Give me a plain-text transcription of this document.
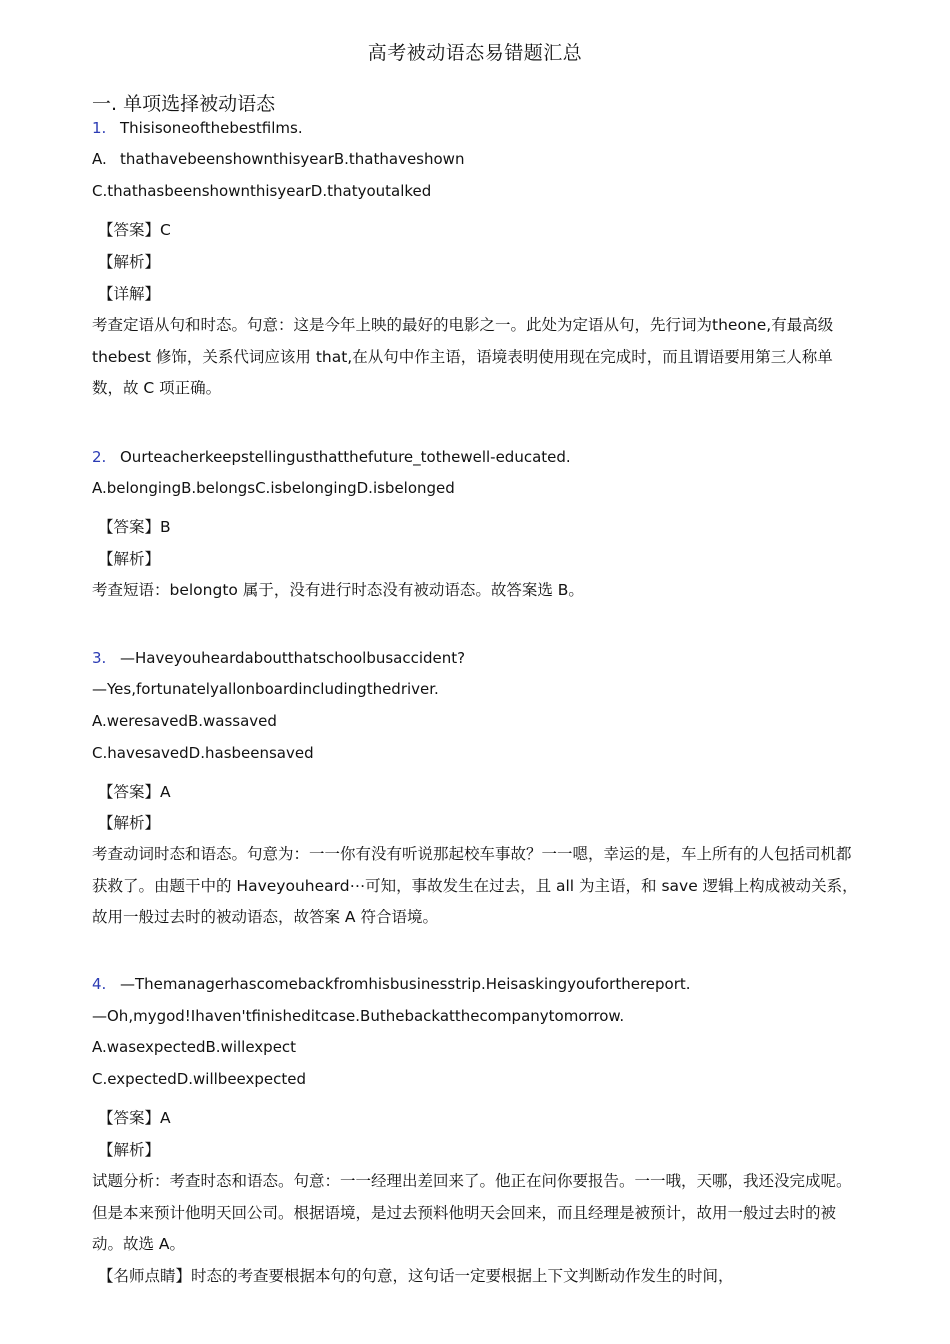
高考被动语态易错题汇总
一. 单项选择被动语态
1. Thisisoneofthebestfilms.
A. thathavebeenshownthisyearB.thathaveshown
C.thathasbeenshownthisyearD.thatyoutalked
【答案】C
【解析】
【详解】
考查定语从句和时态。句意：这是今年上映的最好的电影之一。此处为定语从句，先行词为theone,有最高级 thebest 修饰，关系代词应该用 that,在从句中作主语，语境表明使用现在完成时，而且谓语要用第三人称单数，故 C 项正确。
2. Ourteacherkeepstellingusthatthefuture_tothewell-educated.
A.belongingB.belongsC.isbelongingD.isbelonged
【答案】B
【解析】
考查短语：belongto 属于，没有进行时态没有被动语态。故答案选 B。
3. —Haveyouheardaboutthatschoolbusaccident?
—Yes,fortunatelyallonboardincludingthedriver.
A.weresavedB.wassaved
C.havesavedD.hasbeensaved
【答案】A
【解析】
考查动词时态和语态。句意为：一一你有没有听说那起校车事故？一一嗯，幸运的是，车上所有的人包括司机都获救了。由题干中的 Haveyouheard⋯可知，事故发生在过去，且 all 为主语，和 save 逻辑上构成被动关系，故用一般过去时的被动语态，故答案 A 符合语境。
4. —Themanagerhascomebackfromhisbusinesstrip.Heisaskingyouforthereport.
—Oh,mygod!Ihaven'tfinisheditcase.Buthebackatthecompanytomorrow.
A.wasexpectedB.willexpect
C.expectedD.willbeexpected
【答案】A
【解析】
试题分析：考查时态和语态。句意：一一经理出差回来了。他正在问你要报告。一一哦，天哪，我还没完成呢。但是本来预计他明天回公司。根据语境，是过去预料他明天会回来，而且经理是被预计，故用一般过去时的被动。故选 A。
【名师点睛】时态的考查要根据本句的句意，这句话一定要根据上下文判断动作发生的时间，
